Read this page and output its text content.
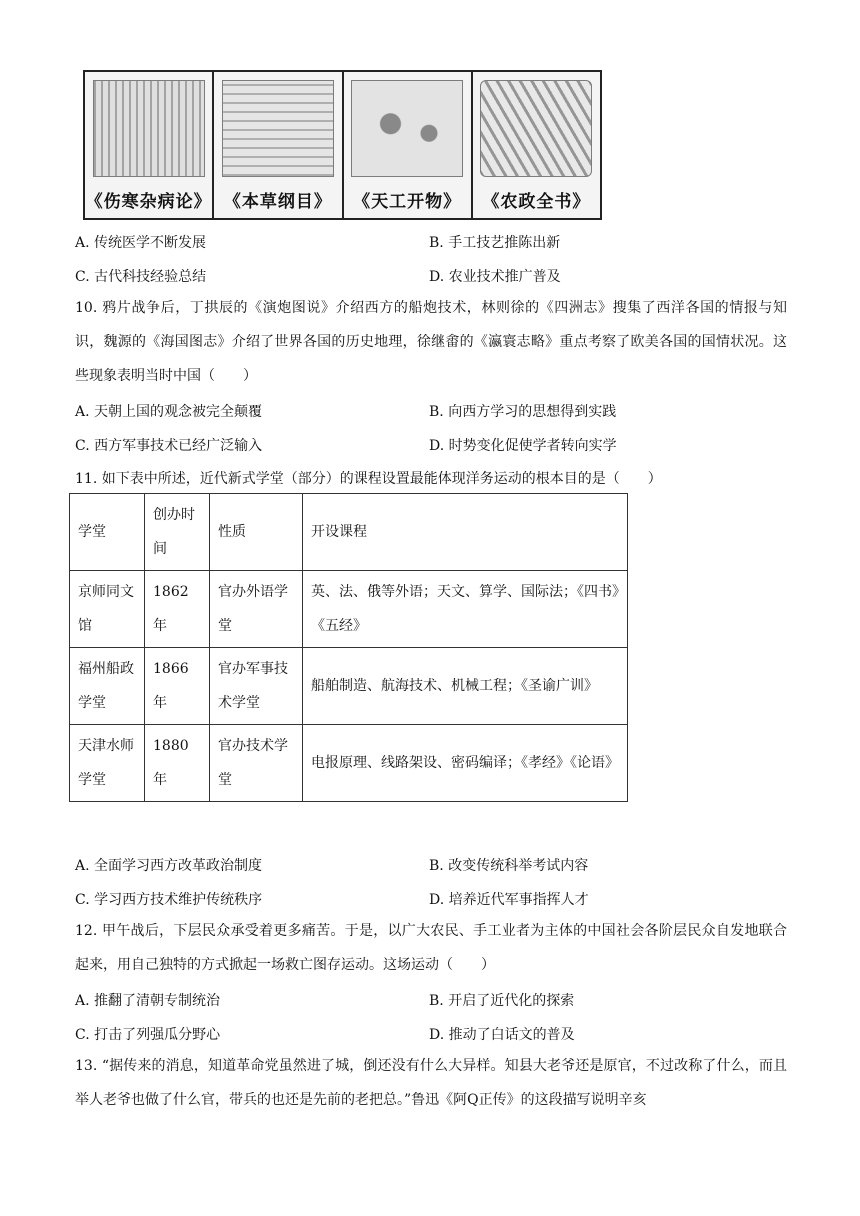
《伤寒杂病论》 《本草纲目》 《天工开物》 《农政全书》
A. 传统医学不断发展	B. 手工技艺推陈出新
C. 古代科技经验总结	D. 农业技术推广普及
10. 鸦片战争后，丁拱辰的《演炮图说》介绍西方的船炮技术，林则徐的《四洲志》搜集了西洋各国的情报与知识，魏源的《海国图志》介绍了世界各国的历史地理，徐继畬的《瀛寰志略》重点考察了欧美各国的国情状况。这些现象表明当时中国（　　）
A. 天朝上国的观念被完全颠覆	B. 向西方学习的思想得到实践
C. 西方军事技术已经广泛输入	D. 时势变化促使学者转向实学
11. 如下表中所述，近代新式学堂（部分）的课程设置最能体现洋务运动的根本目的是（　　）
学堂	创办时间	性质	开设课程
京师同文馆	1862年	官办外语学堂	英、法、俄等外语；天文、算学、国际法；《四书》《五经》
福州船政学堂	1866年	官办军事技术学堂	船舶制造、航海技术、机械工程；《圣谕广训》
天津水师学堂	1880年	官办技术学堂	电报原理、线路架设、密码编译；《孝经》《论语》
A. 全面学习西方改革政治制度	B. 改变传统科举考试内容
C. 学习西方技术维护传统秩序	D. 培养近代军事指挥人才
12. 甲午战后，下层民众承受着更多痛苦。于是，以广大农民、手工业者为主体的中国社会各阶层民众自发地联合起来，用自己独特的方式掀起一场救亡图存运动。这场运动（　　）
A. 推翻了清朝专制统治	B. 开启了近代化的探索
C. 打击了列强瓜分野心	D. 推动了白话文的普及
13. “据传来的消息，知道革命党虽然进了城，倒还没有什么大异样。知县大老爷还是原官，不过改称了什么，而且举人老爷也做了什么官，带兵的也还是先前的老把总。”鲁迅《阿Q正传》的这段描写说明辛亥
